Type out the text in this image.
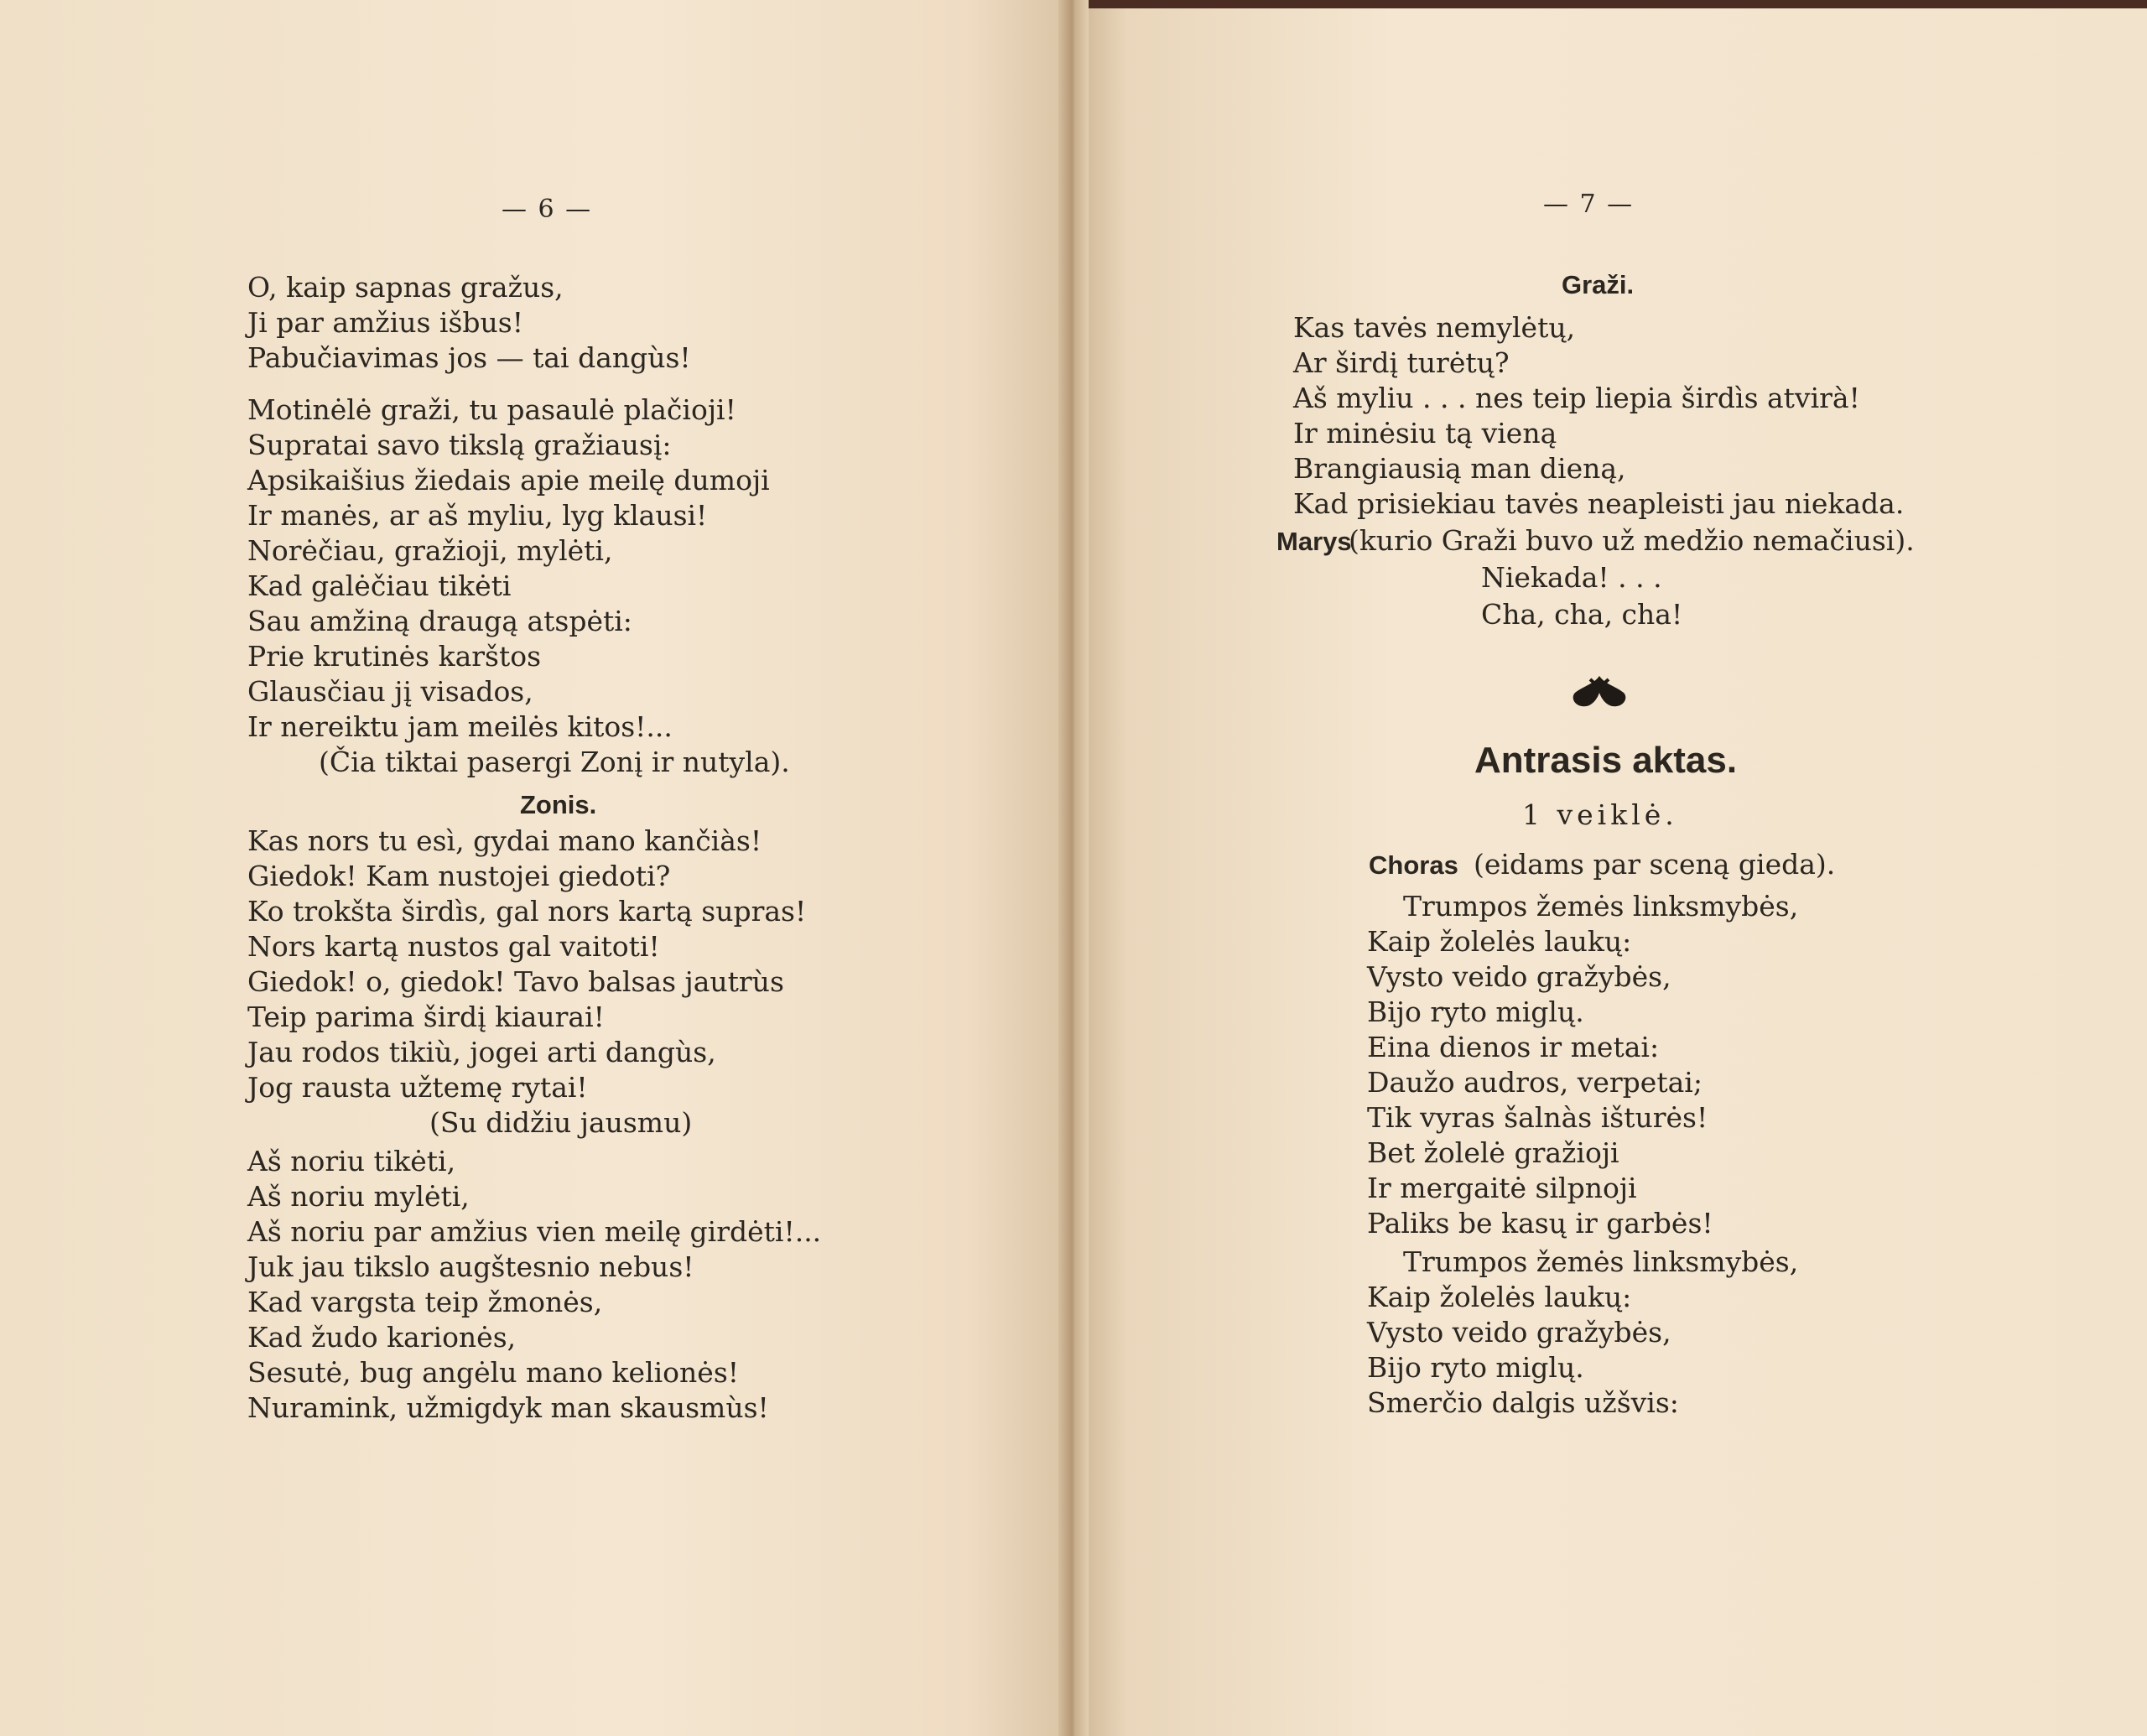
— 6 —
O, kaip sapnas gražus,
Ji par amžius išbus!
Pabučiavimas jos — tai dangùs!
Motinėlė graži, tu pasaulė plačioji!
Supratai savo tikslą gražiausį:
Apsikaišius žiedais apie meilę dumoji
Ir manės, ar aš myliu, lyg klausi!
Norėčiau, gražioji, mylėti,
Kad galėčiau tikėti
Sau amžiną draugą atspėti:
Prie krutinės karštos
Glausčiau jį visados,
Ir nereiktu jam meilės kitos!...
(Čia tiktai pasergi Zonį ir nutyla).
Zonis.
Kas nors tu esì, gydai mano kančiàs!
Giedok! Kam nustojei giedoti?
Ko trokšta širdìs, gal nors kartą supras!
Nors kartą nustos gal vaitoti!
Giedok! o, giedok! Tavo balsas jautrùs
Teip parima širdį kiaurai!
Jau rodos tikiù, jogei arti dangùs,
Jog rausta užtemę rytai!
(Su didžiu jausmu)
Aš noriu tikėti,
Aš noriu mylėti,
Aš noriu par amžius vien meilę girdėti!...
Juk jau tikslo augštesnio nebus!
Kad vargsta teip žmonės,
Kad žudo karionės,
Sesutė, bug angėlu mano kelionės!
Nuramink, užmigdyk man skausmùs!
— 7 —
Graži.
Kas tavės nemylėtų,
Ar širdį turėtų?
Aš myliu . . . nes teip liepia širdìs atvirà!
Ir minėsiu tą vieną
Brangiausią man dieną,
Kad prisiekiau tavės neapleisti jau niekada.
Marys
(kurio Graži buvo už medžio nemačiusi).
Niekada! . . .
Cha, cha, cha!
Antrasis aktas.
1 veiklė.
Choras (eidams par sceną gieda).
Trumpos žemės linksmybės,
Kaip žolelės laukų:
Vysto veido gražybės,
Bijo ryto miglų.
Eina dienos ir metai:
Daužo audros, verpetai;
Tik vyras šalnàs išturės!
Bet žolelė gražioji
Ir mergaitė silpnoji
Paliks be kasų ir garbės!
Trumpos žemės linksmybės,
Kaip žolelės laukų:
Vysto veido gražybės,
Bijo ryto miglų.
Smerčio dalgis užšvis:
